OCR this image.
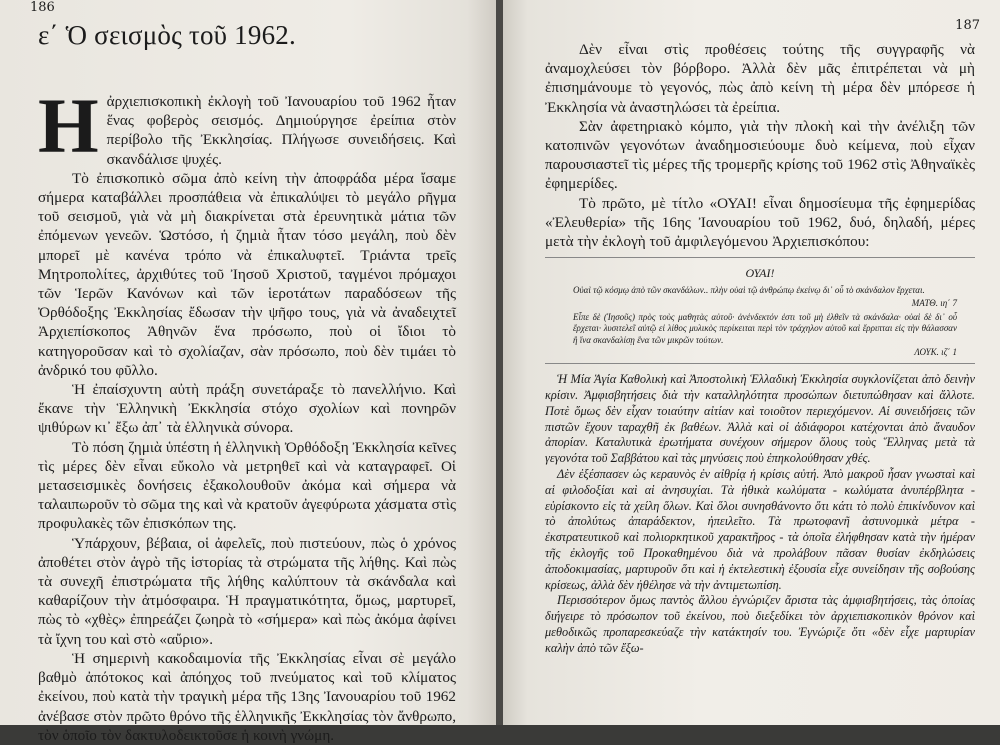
186
ε΄ Ὁ σεισμὸς τοῦ 1962.

Ηἀρχιεπισκοπικὴ ἐκλογὴ τοῦ Ἰανουαρίου τοῦ 1962 ἦταν ἕνας φοβερὸς σεισμός. Δημιούργησε ἐρείπια στὸν περίβολο τῆς Ἐκκλησίας. Πλήγωσε συνειδήσεις. Καὶ σκανδάλισε ψυχές.

Τὸ ἐπισκοπικὸ σῶμα ἀπὸ κείνη τὴν ἀποφράδα μέρα ἴσαμε σήμερα καταβάλλει προσπάθεια νὰ ἐπικαλύψει τὸ μεγάλο ρῆγμα τοῦ σεισμοῦ, γιὰ νὰ μὴ διακρίνεται στὰ ἐρευνητικὰ μάτια τῶν ἐπόμενων γενεῶν. Ὡστόσο, ἡ ζημιὰ ἦταν τόσο μεγάλη, ποὺ δὲν μπορεῖ μὲ κανένα τρόπο νὰ ἐπικαλυφτεῖ. Τριάντα τρεῖς Μητροπολίτες, ἀρχιθύτες τοῦ Ἰησοῦ Χριστοῦ, ταγμένοι πρόμαχοι τῶν Ἱερῶν Κανόνων καὶ τῶν ἱεροτάτων παραδόσεων τῆς Ὀρθόδοξης Ἐκκλησίας ἔδωσαν τὴν ψῆφο τους, γιὰ νὰ ἀναδειχτεῖ Ἀρχιεπίσκοπος Ἀθηνῶν ἕνα πρόσωπο, ποὺ οἱ ἴδιοι τὸ κατηγοροῦσαν καὶ τὸ σχολίαζαν, σὰν πρόσωπο, ποὺ δὲν τιμάει τὸ ἀνδρικό του φῦλλο.

Ἡ ἐπαίσχυντη αὐτὴ πράξη συνετάραξε τὸ πανελλήνιο. Καὶ ἔκανε τὴν Ἑλληνικὴ Ἐκκλησία στόχο σχολίων καὶ πονηρῶν ψιθύρων κι᾿ ἔξω ἀπ᾿ τὰ ἑλληνικὰ σύνορα.

Τὸ πόση ζημιὰ ὑπέστη ἡ ἑλληνικὴ Ὀρθόδοξη Ἐκκλησία κεῖνες τὶς μέρες δὲν εἶναι εὔκολο νὰ μετρηθεῖ καὶ νὰ καταγραφεῖ. Οἱ μετασεισμικὲς δονήσεις ἐξακολουθοῦν ἀκόμα καὶ σήμερα νὰ ταλαιπωροῦν τὸ σῶμα της καὶ νὰ κρατοῦν ἀγεφύρωτα χάσματα στὶς προφυλακὲς τῶν ἐπισκόπων της.

Ὑπάρχουν, βέβαια, οἱ ἀφελεῖς, ποὺ πιστεύουν, πὼς ὁ χρόνος ἀποθέτει στὸν ἀγρὸ τῆς ἱστορίας τὰ στρώματα τῆς λήθης. Καὶ πὼς τὰ συνεχῆ ἐπιστρώματα τῆς λήθης καλύπτουν τὰ σκάνδαλα καὶ καθαρίζουν τὴν ἀτμόσφαιρα. Ἡ πραγματικότητα, ὅμως, μαρτυρεῖ, πὼς τὸ «χθὲς» ἐπηρεάζει ζωηρὰ τὸ «σήμερα» καὶ πὼς ἀκόμα ἀφίνει τὰ ἴχνη του καὶ στὸ «αὔριο».

Ἡ σημερινὴ κακοδαιμονία τῆς Ἐκκλησίας εἶναι σὲ μεγάλο βαθμὸ ἀπότοκος καὶ ἀπόηχος τοῦ πνεύματος καὶ τοῦ κλίματος ἐκείνου, ποὺ κατὰ τὴν τραγικὴ μέρα τῆς 13ης Ἰανουαρίου τοῦ 1962 ἀνέβασε στὸν πρῶτο θρόνο τῆς ἑλληνικῆς Ἐκκλησίας τὸν ἄνθρωπο, τὸν ὁποῖο τὸν δακτυλοδεικτοῦσε ἡ κοινὴ γνώμη.

187

Δὲν εἶναι στὶς προθέσεις τούτης τῆς συγγραφῆς νὰ ἀναμοχλεύσει τὸν βόρβορο. Ἀλλὰ δὲν μᾶς ἐπιτρέπεται νὰ μὴ ἐπισημάνουμε τὸ γεγονός, πὼς ἀπὸ κείνη τὴ μέρα δὲν μπόρεσε ἡ Ἐκκλησία νὰ ἀναστηλώσει τὰ ἐρείπια.

Σὰν ἀφετηριακὸ κόμπο, γιὰ τὴν πλοκὴ καὶ τὴν ἀνέλιξη τῶν κατοπινῶν γεγονότων ἀναδημοσιεύουμε δυὸ κείμενα, ποὺ εἶχαν παρουσιαστεῖ τὶς μέρες τῆς τρομερῆς κρίσης τοῦ 1962 στὶς Ἀθηναϊκὲς ἐφημερίδες.

Τὸ πρῶτο, μὲ τίτλο «ΟΥΑΙ! εἶναι δημοσίευμα τῆς ἐφημερίδας «Ἐλευθερία» τῆς 16ης Ἰανουαρίου τοῦ 1962, δυό, δηλαδή, μέρες μετὰ τὴν ἐκλογὴ τοῦ ἀμφιλεγόμενου Ἀρχιεπισκόπου:

ΟΥΑΙ!

Οὐαὶ τῷ κόσμῳ ἀπὸ τῶν σκανδάλων.. πλὴν οὐαὶ τῷ ἀνθρώπῳ ἐκείνῳ δι᾿ οὗ τὸ σκάνδαλον ἔρχεται.

ΜΑΤΘ. ιη΄ 7

Εἶπε δὲ (Ἰησοῦς) πρὸς τοὺς μαθητὰς αὐτοῦ· ἀνένδεκτόν ἐστι τοῦ μὴ ἐλθεῖν τὰ σκάνδαλα· οὐαὶ δὲ δι᾿ οὗ ἔρχεται· λυσιτελεῖ αὐτῷ εἰ λίθος μυλικὸς περίκειται περὶ τὸν τράχηλον αὐτοῦ καὶ ἔρριπται εἰς τὴν θάλασσαν ἢ ἵνα σκανδαλίσῃ ἕνα τῶν μικρῶν τούτων.

ΛΟΥΚ. ιζ΄ 1

Ἡ Μία Ἁγία Καθολικὴ καὶ Ἀποστολικὴ Ἑλλαδικὴ Ἐκκλησία συγκλονίζεται ἀπὸ δεινὴν κρίσιν. Ἀμφισβητήσεις διὰ τὴν καταλληλότητα προσώπων διετυπώθησαν καὶ ἄλλοτε. Ποτὲ ὅμως δὲν εἶχαν τοιαύτην αἰτίαν καὶ τοιοῦτον περιεχόμενον. Αἱ συνειδήσεις τῶν πιστῶν ἔχουν ταραχθῆ ἐκ βαθέων. Ἀλλὰ καὶ οἱ ἀδιάφοροι κατέχονται ἀπὸ ἄναυδον ἀπορίαν. Καταλυτικὰ ἐρωτήματα συνέχουν σήμερον ὅλους τοὺς Ἕλληνας μετὰ τὰ γεγονότα τοῦ Σαββάτου καὶ τὰς μηνύσεις ποὺ ἐπηκολούθησαν χθές.

Δὲν ἐξέσπασεν ὡς κεραυνὸς ἐν αἰθρίᾳ ἡ κρίσις αὐτή. Ἀπὸ μακροῦ ἦσαν γνωσταὶ καὶ αἱ φιλοδοξίαι καὶ αἱ ἀνησυχίαι. Τὰ ἠθικὰ κωλύματα - κωλύματα ἀνυπέρβλητα - εὑρίσκοντο εἰς τὰ χείλη ὅλων. Καὶ ὅλοι συνησθάνοντο ὅτι κάτι τὸ πολὺ ἐπικίνδυνον καὶ τὸ ἀπολύτως ἀπαράδεκτον, ἠπειλεῖτο. Τὰ πρωτοφανῆ ἀστυνομικὰ μέτρα - ἐκστρατευτικοῦ καὶ πολιορκητικοῦ χαρακτῆρος - τὰ ὁποῖα ἐλήφθησαν κατὰ τὴν ἡμέραν τῆς ἐκλογῆς τοῦ Προκαθημένου διὰ νὰ προλάβουν πᾶσαν θυσίαν ἐκδηλώσεις ἀποδοκιμασίας, μαρτυροῦν ὅτι καὶ ἡ ἐκτελεστικὴ ἐξουσία εἶχε συνείδησιν τῆς σοβούσης κρίσεως, ἀλλὰ δὲν ἠθέλησε νὰ τὴν ἀντιμετωπίση.

Περισσότερον ὅμως παντὸς ἄλλου ἐγνώριζεν ἄριστα τὰς ἀμφισβητήσεις, τὰς ὁποίας διήγειρε τὸ πρόσωπον τοῦ ἐκείνου, ποὺ διεξεδίκει τὸν ἀρχιεπισκοπικὸν θρόνον καὶ μεθοδικῶς προπαρεσκεύαζε τὴν κατάκτησίν του. Ἐγνώριζε ὅτι «δὲν εἶχε μαρτυρίαν καλὴν ἀπὸ τῶν ἔξω-
